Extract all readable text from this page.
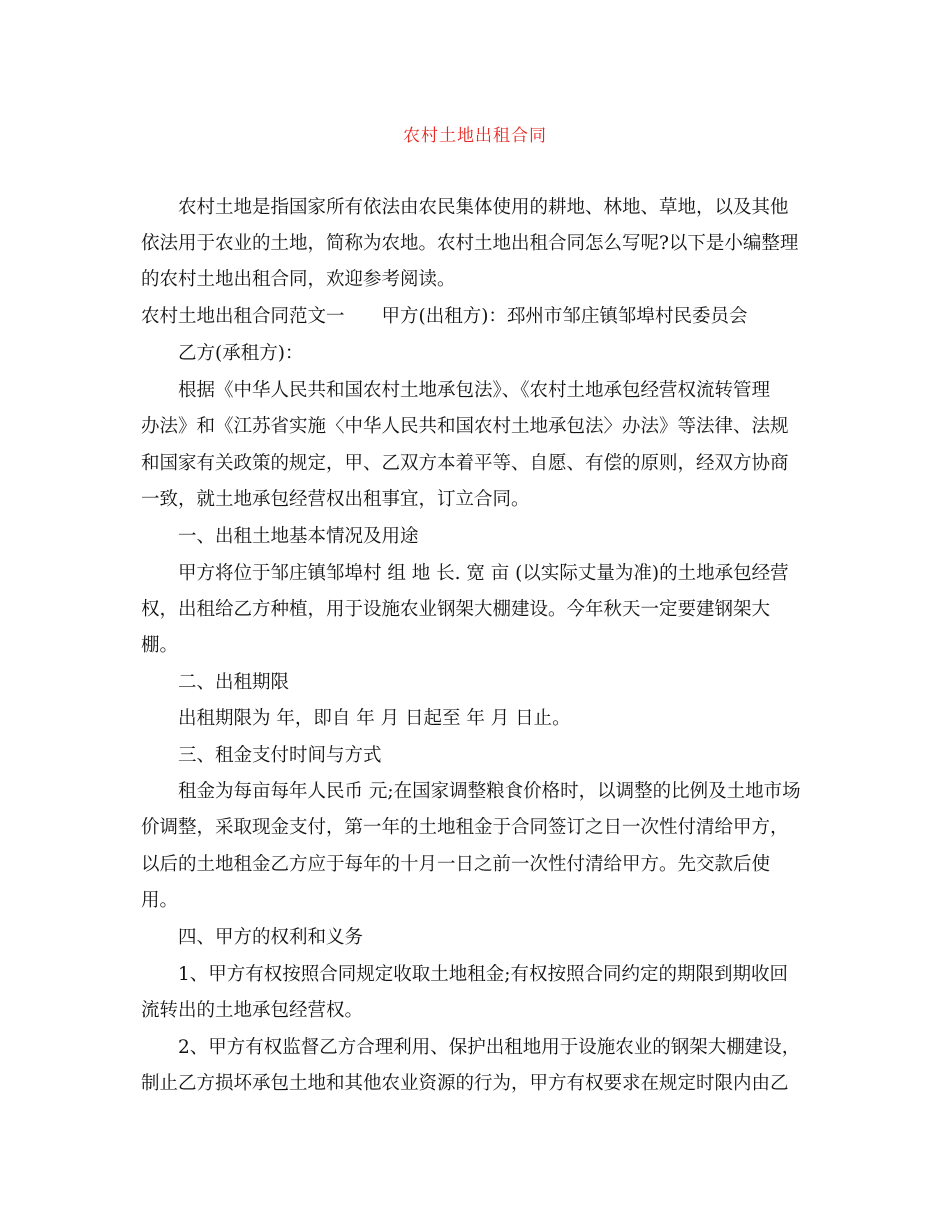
农村土地出租合同
农村土地是指国家所有依法由农民集体使用的耕地、林地、草地，以及其他
依法用于农业的土地，简称为农地。农村土地出租合同怎么写呢?以下是小编整理
的农村土地出租合同，欢迎参考阅读。
农村土地出租合同范文一　　甲方(出租方)：邳州市邹庄镇邹埠村民委员会
乙方(承租方)：
根据《中华人民共和国农村土地承包法》、《农村土地承包经营权流转管理
办法》和《江苏省实施〈中华人民共和国农村土地承包法〉办法》等法律、法规
和国家有关政策的规定，甲、乙双方本着平等、自愿、有偿的原则，经双方协商
一致，就土地承包经营权出租事宜，订立合同。
一、出租土地基本情况及用途
甲方将位于邹庄镇邹埠村 组 地 长. 宽 亩 (以实际丈量为准)的土地承包经营
权，出租给乙方种植，用于设施农业钢架大棚建设。今年秋天一定要建钢架大
棚。
二、出租期限
出租期限为 年，即自 年 月 日起至 年 月 日止。
三、租金支付时间与方式
租金为每亩每年人民币 元;在国家调整粮食价格时，以调整的比例及土地市场
价调整，采取现金支付，第一年的土地租金于合同签订之日一次性付清给甲方，
以后的土地租金乙方应于每年的十月一日之前一次性付清给甲方。先交款后使
用。
四、甲方的权利和义务
1、甲方有权按照合同规定收取土地租金;有权按照合同约定的期限到期收回
流转出的土地承包经营权。
2、甲方有权监督乙方合理利用、保护出租地用于设施农业的钢架大棚建设，
制止乙方损坏承包土地和其他农业资源的行为，甲方有权要求在规定时限内由乙
